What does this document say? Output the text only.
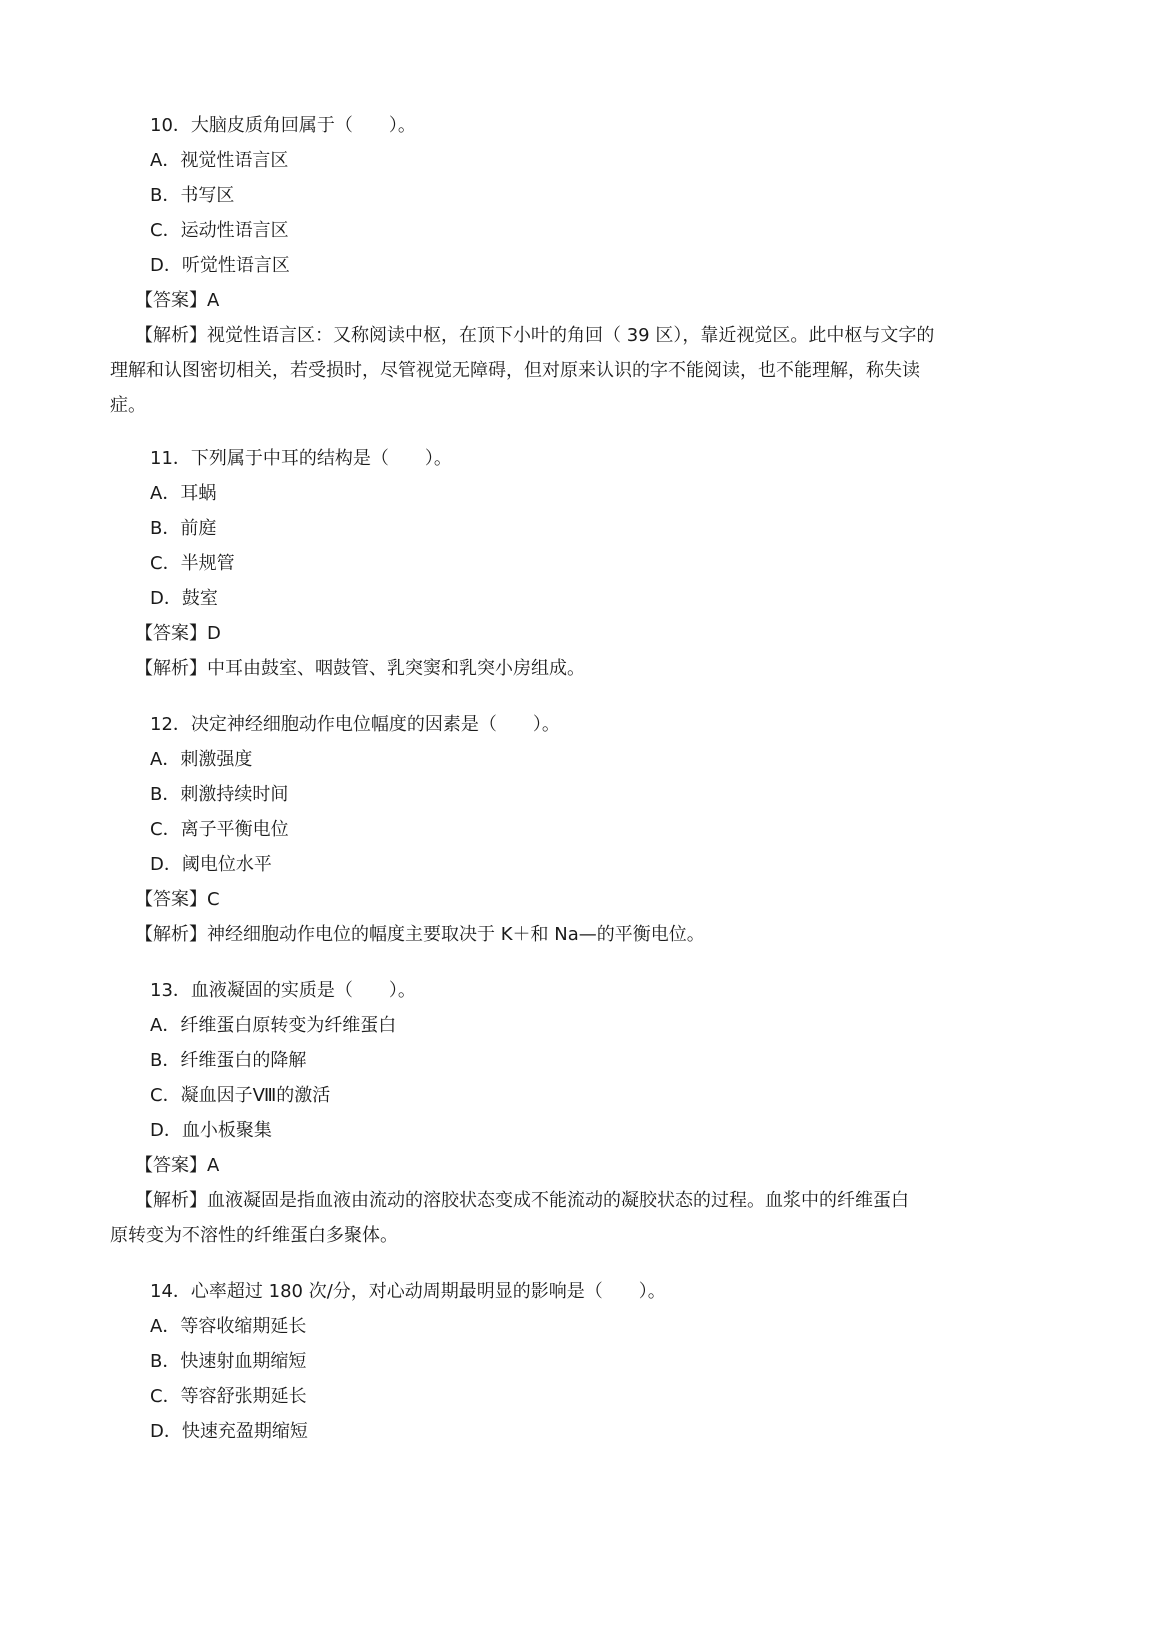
10．大脑皮质角回属于（　　）。
A．视觉性语言区
B．书写区
C．运动性语言区
D．听觉性语言区
【答案】A
【解析】视觉性语言区：又称阅读中枢，在顶下小叶的角回（ 39 区），靠近视觉区。此中枢与文字的
理解和认图密切相关，若受损时，尽管视觉无障碍，但对原来认识的字不能阅读，也不能理解，称失读
症。
11．下列属于中耳的结构是（　　）。
A．耳蜗
B．前庭
C．半规管
D．鼓室
【答案】D
【解析】中耳由鼓室、咽鼓管、乳突窦和乳突小房组成。
12．决定神经细胞动作电位幅度的因素是（　　）。
A．刺激强度
B．刺激持续时间
C．离子平衡电位
D．阈电位水平
【答案】C
【解析】神经细胞动作电位的幅度主要取决于 K＋和 Na—的平衡电位。
13．血液凝固的实质是（　　）。
A．纤维蛋白原转变为纤维蛋白
B．纤维蛋白的降解
C．凝血因子Ⅷ的激活
D．血小板聚集
【答案】A
【解析】血液凝固是指血液由流动的溶胶状态变成不能流动的凝胶状态的过程。血浆中的纤维蛋白
原转变为不溶性的纤维蛋白多聚体。
14．心率超过 180 次/分，对心动周期最明显的影响是（　　）。
A．等容收缩期延长
B．快速射血期缩短
C．等容舒张期延长
D．快速充盈期缩短
